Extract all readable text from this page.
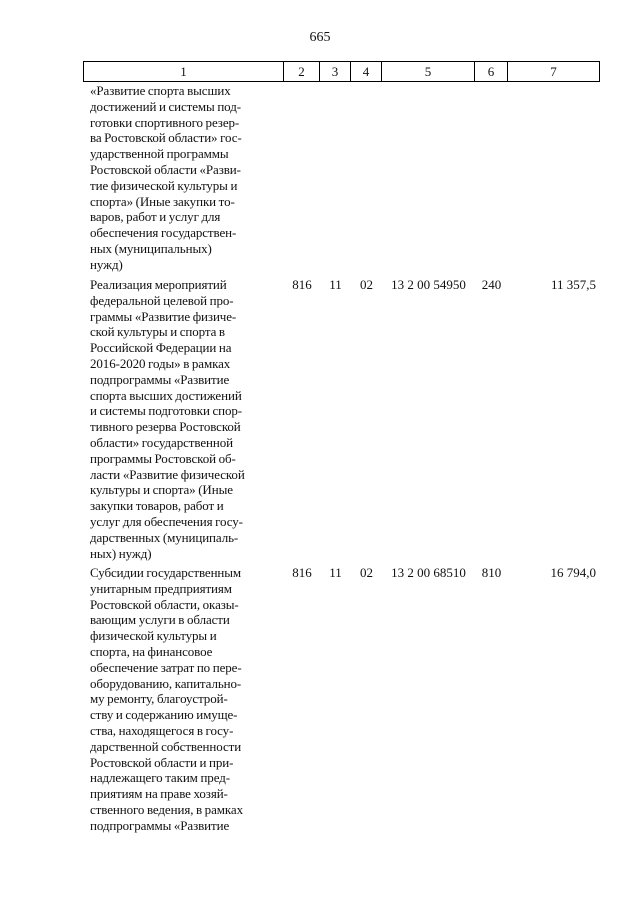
665
1	2	3	4	5	6	7
«Развитие спорта высших
достижений и системы под-
готовки спортивного резер-
ва Ростовской области» гос-
ударственной программы
Ростовской области «Разви-
тие физической культуры и
спорта» (Иные закупки то-
варов, работ и услуг для
обеспечения государствен-
ных (муниципальных)
нужд)
Реализация мероприятий
федеральной целевой про-
граммы «Развитие физиче-
ской культуры и спорта в
Российской Федерации на
2016-2020 годы» в рамках
подпрограммы «Развитие
спорта высших достижений
и системы подготовки спор-
тивного резерва Ростовской
области» государственной
программы Ростовской об-
ласти «Развитие физической
культуры и спорта» (Иные
закупки товаров, работ и
услуг для обеспечения госу-
дарственных (муниципаль-
ных) нужд)
816	11	02	13 2 00 54950	240	11 357,5
Субсидии государственным
унитарным предприятиям
Ростовской области, оказы-
вающим услуги в области
физической культуры и
спорта, на финансовое
обеспечение затрат по пере-
оборудованию, капитально-
му ремонту, благоустрой-
ству и содержанию имуще-
ства, находящегося в госу-
дарственной собственности
Ростовской области и при-
надлежащего таким пред-
приятиям на праве хозяй-
ственного ведения, в рамках
подпрограммы «Развитие
816	11	02	13 2 00 68510	810	16 794,0
